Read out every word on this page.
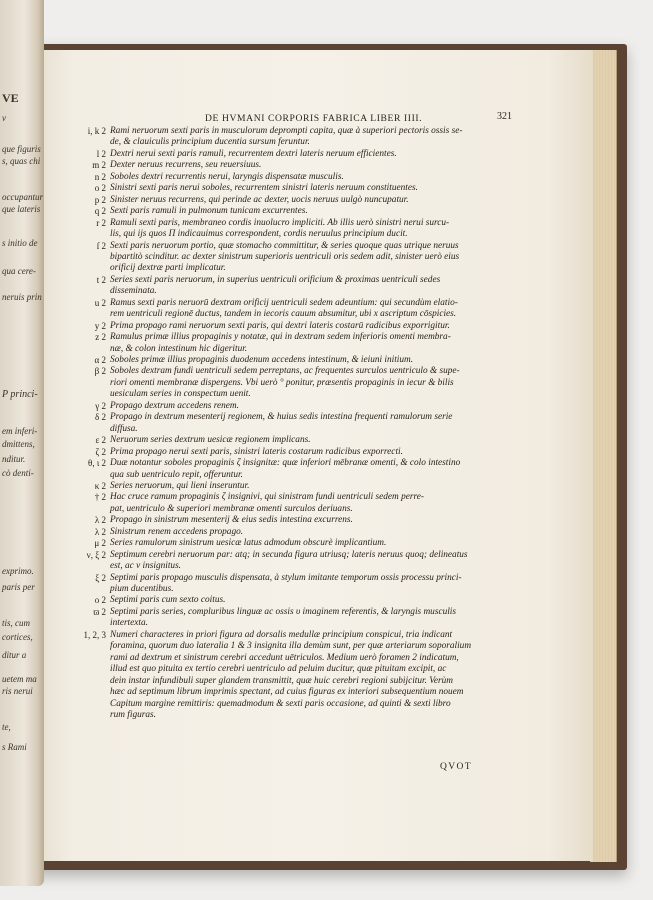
VE
v
que figuris
s, quas chi
occupantur
que lateris
s initio de
qua cere-
neruis prin
P princi-
em inferi-
dmittens,
nditur.
cò denti-
exprimo.
paris per
tis, cum
cortices,
ditur a
uetem ma
ris nerui
te,
s Rami
DE HVMANI CORPORIS FABRICA LIBER IIII.	321
i, k 2 Rami neruorum sexti paris in musculorum deprompti capita, quæ à superiori pectoris ossis se-
de, & clauiculis principium ducentia sursum feruntur.
l 2 Dextri nerui sexti paris ramuli, recurrentem dextri lateris neruum efficientes.
m 2 Dexter neruus recurrens, seu reuersiuus.
n 2 Soboles dextri recurrentis nerui, laryngis dispensatæ musculis.
o 2 Sinistri sexti paris nerui soboles, recurrentem sinistri lateris neruum constituentes.
p 2 Sinister neruus recurrens, qui perinde ac dexter, uocis neruus uulgò nuncupatur.
q 2 Sexti paris ramuli in pulmonum tunicam excurrentes.
r 2 Ramuli sexti paris, membraneo cordis inuolucro impliciti. Ab illis uerò sinistri nerui surcu-
lis, qui ijs quos Π indicauimus correspondent, cordis neruulus principium ducit.
ſ 2 Sexti paris neruorum portio, quæ stomacho committitur, & series quoque quas utrique neruus
bipartitò scinditur. ac dexter sinistrum superioris uentriculi oris sedem adit, sinister uerò eius
orificij dextræ parti implicatur.
t 2 Series sexti paris neruorum, in superius uentriculi orificium & proximas uentriculi sedes
disseminata.
u 2 Ramus sexti paris neruorū dextram orificij uentriculi sedem adeuntium: qui secundùm elatio-
rem uentriculi regionē ductus, tandem in iecoris cauum absumitur, ubi x ascriptum cōspicies.
y 2 Prima propago rami neruorum sexti paris, qui dextri lateris costarū radicibus exporrigitur.
z 2 Ramulus primæ illius propaginis y notatæ, qui in dextram sedem inferioris omenti membra-
næ, & colon intestinum hic digeritur.
α 2 Soboles primæ illius propaginis duodenum accedens intestinum, & ieiuni initium.
β 2 Soboles dextram fundi uentriculi sedem perreptans, ac frequentes surculos uentriculo & supe-
riori omenti membranæ dispergens. Vbi uerò ° ponitur, præsentis propaginis in iecur & bilis
uesiculam series in conspectum uenit.
γ 2 Propago dextrum accedens renem.
δ 2 Propago in dextrum mesenterij regionem, & huius sedis intestina frequenti ramulorum serie
diffusa.
ε 2 Neruorum series dextrum uesicæ regionem implicans.
ζ 2 Prima propago nerui sexti paris, sinistri lateris costarum radicibus exporrecti.
θ, ι 2 Duæ notantur soboles propaginis ζ insignitæ: quæ inferiori mēbranæ omenti, & colo intestino
qua sub uentriculo repit, offeruntur.
κ 2 Series neruorum, qui lieni inseruntur.
† 2 Hac cruce ramum propaginis ζ insignivi, qui sinistram fundi uentriculi sedem perre-
pat, uentriculo & superiori membranæ omenti surculos deriuans.
λ 2 Propago in sinistrum mesenterij & eius sedis intestina excurrens.
λ 2 Sinistrum renem accedens propago.
μ 2 Series ramulorum sinistrum uesicæ latus admodum obscurè implicantium.
ν, ξ 2 Septimum cerebri neruorum par: atq; in secunda figura utriusq; lateris neruus quoq; delineatus
est, ac ν insignitus.
ξ 2 Septimi paris propago musculis dispensata, à stylum imitante temporum ossis processu princi-
pium ducentibus.
o 2 Septimi paris cum sexto coitus.
ϖ 2 Septimi paris series, compluribus linguæ ac ossis υ imaginem referentis, & laryngis musculis
intertexta.
1, 2, 3 Numeri characteres in priori figura ad dorsalis medullæ principium conspicui, tria indicant
foramina, quorum duo lateralia 1 & 3 insignita illa demùm sunt, per quæ arteriarum soporalium
rami ad dextrum et sinistrum cerebri accedunt uētriculos. Medium uerò foramen 2 indicatum,
illud est quo pituita ex tertio cerebri uentriculo ad peluim ducitur, quæ pituitam excipit, ac
dein instar infundibuli super glandem transmittit, quæ huic cerebri regioni subijcitur. Verùm
hæc ad septimum librum imprimis spectant, ad cuius figuras ex interiori subsequentium nouem
Capitum margine remittiris: quemadmodum & sexti paris occasione, ad quinti & sexti libro
rum figuras.
QVOT
